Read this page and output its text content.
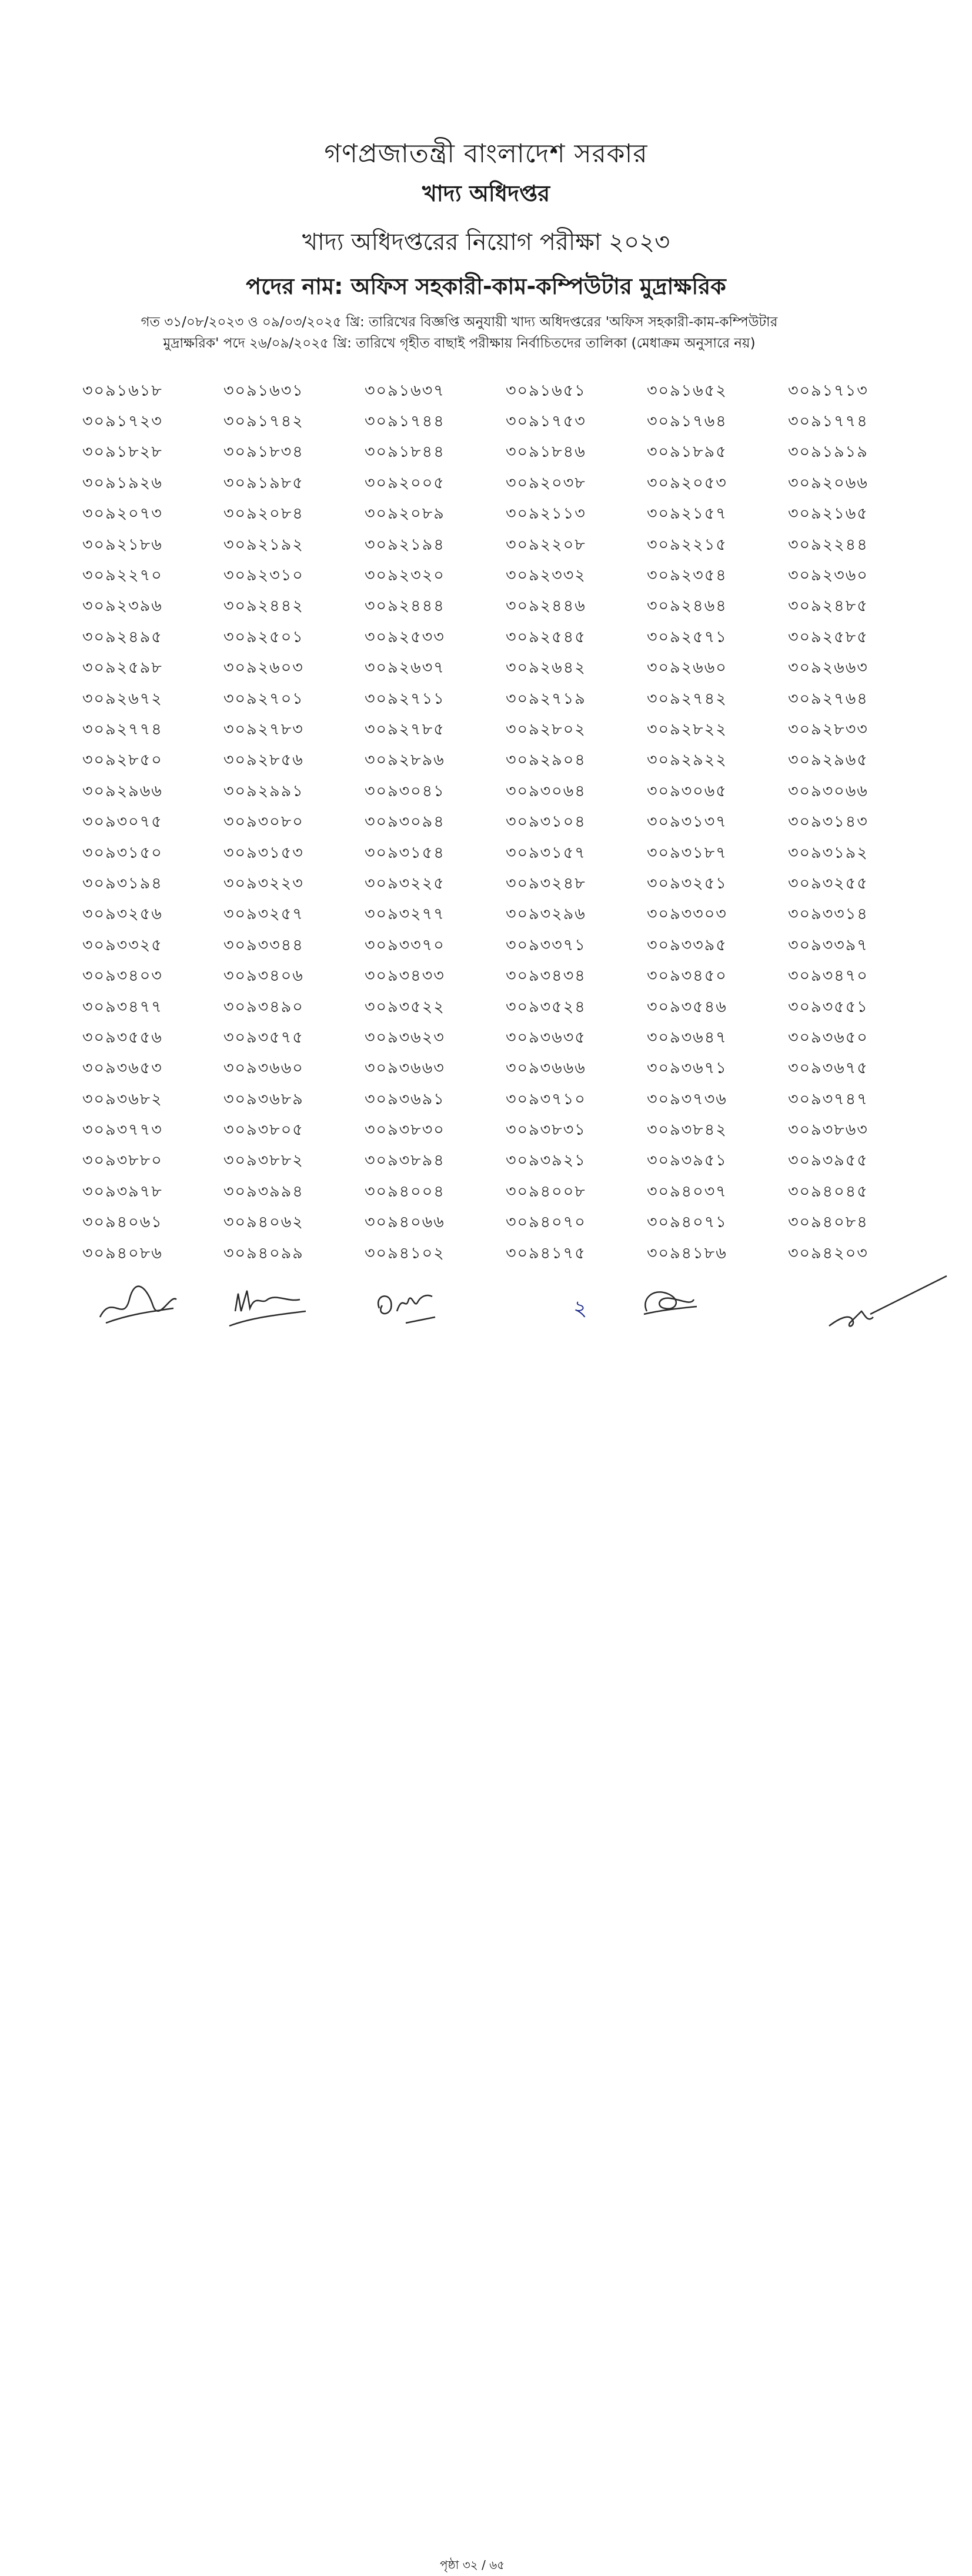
গণপ্রজাতন্ত্রী বাংলাদেশ সরকার
খাদ্য অধিদপ্তর
খাদ্য অধিদপ্তরের নিয়োগ পরীক্ষা ২০২৩
পদের নাম: অফিস সহকারী-কাম-কম্পিউটার মুদ্রাক্ষরিক
গত ৩১/০৮/২০২৩ ও ০৯/০৩/২০২৫ খ্রি: তারিখের বিজ্ঞপ্তি অনুযায়ী খাদ্য অধিদপ্তরের 'অফিস সহকারী-কাম-কম্পিউটার
মুদ্রাক্ষরিক' পদে ২৬/০৯/২০২৫ খ্রি: তারিখে গৃহীত বাছাই পরীক্ষায় নির্বাচিতদের তালিকা (মেধাক্রম অনুসারে নয়)
৩০৯১৬১৮	৩০৯১৬৩১	৩০৯১৬৩৭	৩০৯১৬৫১	৩০৯১৬৫২	৩০৯১৭১৩
৩০৯১৭২৩	৩০৯১৭৪২	৩০৯১৭৪৪	৩০৯১৭৫৩	৩০৯১৭৬৪	৩০৯১৭৭৪
৩০৯১৮২৮	৩০৯১৮৩৪	৩০৯১৮৪৪	৩০৯১৮৪৬	৩০৯১৮৯৫	৩০৯১৯১৯
৩০৯১৯২৬	৩০৯১৯৮৫	৩০৯২০০৫	৩০৯২০৩৮	৩০৯২০৫৩	৩০৯২০৬৬
৩০৯২০৭৩	৩০৯২০৮৪	৩০৯২০৮৯	৩০৯২১১৩	৩০৯২১৫৭	৩০৯২১৬৫
৩০৯২১৮৬	৩০৯২১৯২	৩০৯২১৯৪	৩০৯২২০৮	৩০৯২২১৫	৩০৯২২৪৪
৩০৯২২৭০	৩০৯২৩১০	৩০৯২৩২০	৩০৯২৩৩২	৩০৯২৩৫৪	৩০৯২৩৬০
৩০৯২৩৯৬	৩০৯২৪৪২	৩০৯২৪৪৪	৩০৯২৪৪৬	৩০৯২৪৬৪	৩০৯২৪৮৫
৩০৯২৪৯৫	৩০৯২৫০১	৩০৯২৫৩৩	৩০৯২৫৪৫	৩০৯২৫৭১	৩০৯২৫৮৫
৩০৯২৫৯৮	৩০৯২৬০৩	৩০৯২৬৩৭	৩০৯২৬৪২	৩০৯২৬৬০	৩০৯২৬৬৩
৩০৯২৬৭২	৩০৯২৭০১	৩০৯২৭১১	৩০৯২৭১৯	৩০৯২৭৪২	৩০৯২৭৬৪
৩০৯২৭৭৪	৩০৯২৭৮৩	৩০৯২৭৮৫	৩০৯২৮০২	৩০৯২৮২২	৩০৯২৮৩৩
৩০৯২৮৫০	৩০৯২৮৫৬	৩০৯২৮৯৬	৩০৯২৯০৪	৩০৯২৯২২	৩০৯২৯৬৫
৩০৯২৯৬৬	৩০৯২৯৯১	৩০৯৩০৪১	৩০৯৩০৬৪	৩০৯৩০৬৫	৩০৯৩০৬৬
৩০৯৩০৭৫	৩০৯৩০৮০	৩০৯৩০৯৪	৩০৯৩১০৪	৩০৯৩১৩৭	৩০৯৩১৪৩
৩০৯৩১৫০	৩০৯৩১৫৩	৩০৯৩১৫৪	৩০৯৩১৫৭	৩০৯৩১৮৭	৩০৯৩১৯২
৩০৯৩১৯৪	৩০৯৩২২৩	৩০৯৩২২৫	৩০৯৩২৪৮	৩০৯৩২৫১	৩০৯৩২৫৫
৩০৯৩২৫৬	৩০৯৩২৫৭	৩০৯৩২৭৭	৩০৯৩২৯৬	৩০৯৩৩০৩	৩০৯৩৩১৪
৩০৯৩৩২৫	৩০৯৩৩৪৪	৩০৯৩৩৭০	৩০৯৩৩৭১	৩০৯৩৩৯৫	৩০৯৩৩৯৭
৩০৯৩৪০৩	৩০৯৩৪০৬	৩০৯৩৪৩৩	৩০৯৩৪৩৪	৩০৯৩৪৫০	৩০৯৩৪৭০
৩০৯৩৪৭৭	৩০৯৩৪৯০	৩০৯৩৫২২	৩০৯৩৫২৪	৩০৯৩৫৪৬	৩০৯৩৫৫১
৩০৯৩৫৫৬	৩০৯৩৫৭৫	৩০৯৩৬২৩	৩০৯৩৬৩৫	৩০৯৩৬৪৭	৩০৯৩৬৫০
৩০৯৩৬৫৩	৩০৯৩৬৬০	৩০৯৩৬৬৩	৩০৯৩৬৬৬	৩০৯৩৬৭১	৩০৯৩৬৭৫
৩০৯৩৬৮২	৩০৯৩৬৮৯	৩০৯৩৬৯১	৩০৯৩৭১০	৩০৯৩৭৩৬	৩০৯৩৭৪৭
৩০৯৩৭৭৩	৩০৯৩৮০৫	৩০৯৩৮৩০	৩০৯৩৮৩১	৩০৯৩৮৪২	৩০৯৩৮৬৩
৩০৯৩৮৮০	৩০৯৩৮৮২	৩০৯৩৮৯৪	৩০৯৩৯২১	৩০৯৩৯৫১	৩০৯৩৯৫৫
৩০৯৩৯৭৮	৩০৯৩৯৯৪	৩০৯৪০০৪	৩০৯৪০০৮	৩০৯৪০৩৭	৩০৯৪০৪৫
৩০৯৪০৬১	৩০৯৪০৬২	৩০৯৪০৬৬	৩০৯৪০৭০	৩০৯৪০৭১	৩০৯৪০৮৪
৩০৯৪০৮৬	৩০৯৪০৯৯	৩০৯৪১০২	৩০৯৪১৭৫	৩০৯৪১৮৬	৩০৯৪২০৩
পৃষ্ঠা ৩২ / ৬৫
২
